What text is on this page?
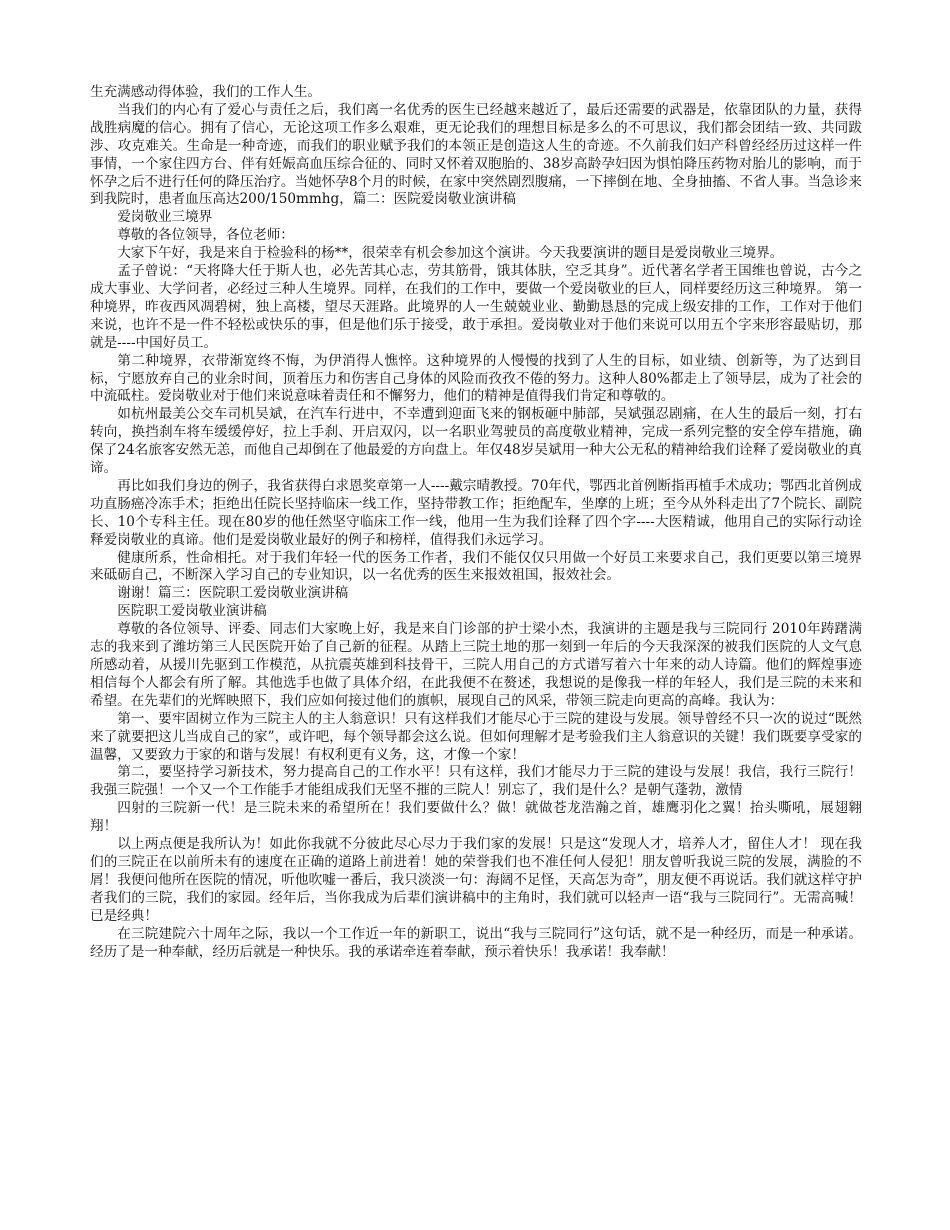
生充满感动得体验，我们的工作人生。

当我们的内心有了爱心与责任之后，我们离一名优秀的医生已经越来越近了，最后还需要的武器是，依靠团队的力量，获得战胜病魔的信心。拥有了信心，无论这项工作多么艰难，更无论我们的理想目标是多么的不可思议，我们都会团结一致、共同跋涉、攻克难关。生命是一种奇迹，而我们的职业赋予我们的本领正是创造这人生的奇迹。不久前我们妇产科曾经经历过这样一件事情，一个家住四方台、伴有妊娠高血压综合征的、同时又怀着双胞胎的、38岁高龄孕妇因为惧怕降压药物对胎儿的影响，而于怀孕之后不进行任何的降压治疗。当她怀孕8个月的时候，在家中突然剧烈腹痛，一下摔倒在地、全身抽搐、不省人事。当急诊来到我院时，患者血压高达200/150mmhg，篇二：医院爱岗敬业演讲稿

爱岗敬业三境界

尊敬的各位领导，各位老师：

大家下午好，我是来自于检验科的杨**，很荣幸有机会参加这个演讲。今天我要演讲的题目是爱岗敬业三境界。

孟子曾说：“天将降大任于斯人也，必先苦其心志，劳其筋骨，饿其体肤，空乏其身”。近代著名学者王国维也曾说，古今之成大事业、大学问者，必经过三种人生境界。同样，在我们的工作中，要做一个爱岗敬业的巨人，同样要经历这三种境界。 第一种境界，昨夜西风凋碧树，独上高楼，望尽天涯路。此境界的人一生兢兢业业、勤勤恳恳的完成上级安排的工作，工作对于他们来说，也许不是一件不轻松或快乐的事，但是他们乐于接受，敢于承担。爱岗敬业对于他们来说可以用五个字来形容最贴切，那就是----中国好员工。

第二种境界，衣带渐宽终不悔，为伊消得人憔悴。这种境界的人慢慢的找到了人生的目标，如业绩、创新等，为了达到目标，宁愿放弃自己的业余时间，顶着压力和伤害自己身体的风险而孜孜不倦的努力。这种人80%都走上了领导层，成为了社会的中流砥柱。爱岗敬业对于他们来说意味着责任和不懈努力，他们的精神是值得我们肯定和尊敬的。

如杭州最美公交车司机吴斌，在汽车行进中，不幸遭到迎面飞来的钢板砸中肺部，吴斌强忍剧痛，在人生的最后一刻，打右转向，换挡刹车将车缓缓停好，拉上手刹、开启双闪，以一名职业驾驶员的高度敬业精神，完成一系列完整的安全停车措施，确保了24名旅客安然无恙，而他自己却倒在了他最爱的方向盘上。年仅48岁吴斌用一种大公无私的精神给我们诠释了爱岗敬业的真谛。

再比如我们身边的例子，我省获得白求恩奖章第一人----戴宗晴教授。70年代，鄂西北首例断指再植手术成功；鄂西北首例成功直肠癌冷冻手术；拒绝出任院长坚持临床一线工作，坚持带教工作；拒绝配车，坐摩的上班；至今从外科走出了7个院长、副院长、10个专科主任。现在80岁的他任然坚守临床工作一线，他用一生为我们诠释了四个字----大医精诚，他用自己的实际行动诠释爱岗敬业的真谛。他们是爱岗敬业最好的例子和榜样，值得我们永远学习。

健康所系，性命相托。对于我们年轻一代的医务工作者，我们不能仅仅只用做一个好员工来要求自己，我们更要以第三境界来砥砺自己，不断深入学习自己的专业知识，以一名优秀的医生来报效祖国，报效社会。

谢谢！篇三：医院职工爱岗敬业演讲稿

医院职工爱岗敬业演讲稿

尊敬的各位领导、评委、同志们大家晚上好，我是来自门诊部的护士梁小杰，我演讲的主题是我与三院同行 2010年踌躇满志的我来到了潍坊第三人民医院开始了自己新的征程。从踏上三院土地的那一刻到一年后的今天我深深的被我们医院的人文气息所感动着，从援川先驱到工作模范，从抗震英雄到科技骨干，三院人用自己的方式谱写着六十年来的动人诗篇。他们的辉煌事迹相信每个人都会有所了解。其他选手也做了具体介绍，在此我便不在赘述，我想说的是像我一样的年轻人，我们是三院的未来和希望。在先辈们的光辉映照下，我们应如何接过他们的旗帜，展现自己的风采，带领三院走向更高的高峰。我认为：

第一、要牢固树立作为三院主人的主人翁意识！只有这样我们才能尽心于三院的建设与发展。领导曾经不只一次的说过“既然来了就要把这儿当成自己的家”，或许吧，每个领导都会这么说。但如何理解才是考验我们主人翁意识的关键！我们既要享受家的温馨，又要致力于家的和谐与发展！有权利更有义务，这，才像一个家！

第二，要坚持学习新技术，努力提高自己的工作水平！只有这样，我们才能尽力于三院的建设与发展！我信，我行三院行！我强三院强！一个又一个工作能手才能组成我们无坚不摧的三院人！别忘了，我们是什么？是朝气蓬勃，激情

四射的三院新一代！是三院未来的希望所在！我们要做什么？做！就做苍龙浩瀚之首，雄鹰羽化之翼！抬头嘶吼，展翅翱翔！

以上两点便是我所认为！如此你我就不分彼此尽心尽力于我们家的发展！只是这“发现人才，培养人才，留住人才！ 现在我们的三院正在以前所未有的速度在正确的道路上前进着！她的荣誉我们也不准任何人侵犯！朋友曾听我说三院的发展，满脸的不屑！我便问他所在医院的情况，听他吹嘘一番后，我只淡淡一句：海阔不足怪，天高怎为奇”，朋友便不再说话。我们就这样守护者我们的三院，我们的家园。经年后，当你我成为后辈们演讲稿中的主角时，我们就可以轻声一语“我与三院同行”。无需高喊！已是经典！

在三院建院六十周年之际，我以一个工作近一年的新职工，说出“我与三院同行”这句话，就不是一种经历，而是一种承诺。经历了是一种奉献，经历后就是一种快乐。我的承诺牵连着奉献，预示着快乐！我承诺！我奉献！
